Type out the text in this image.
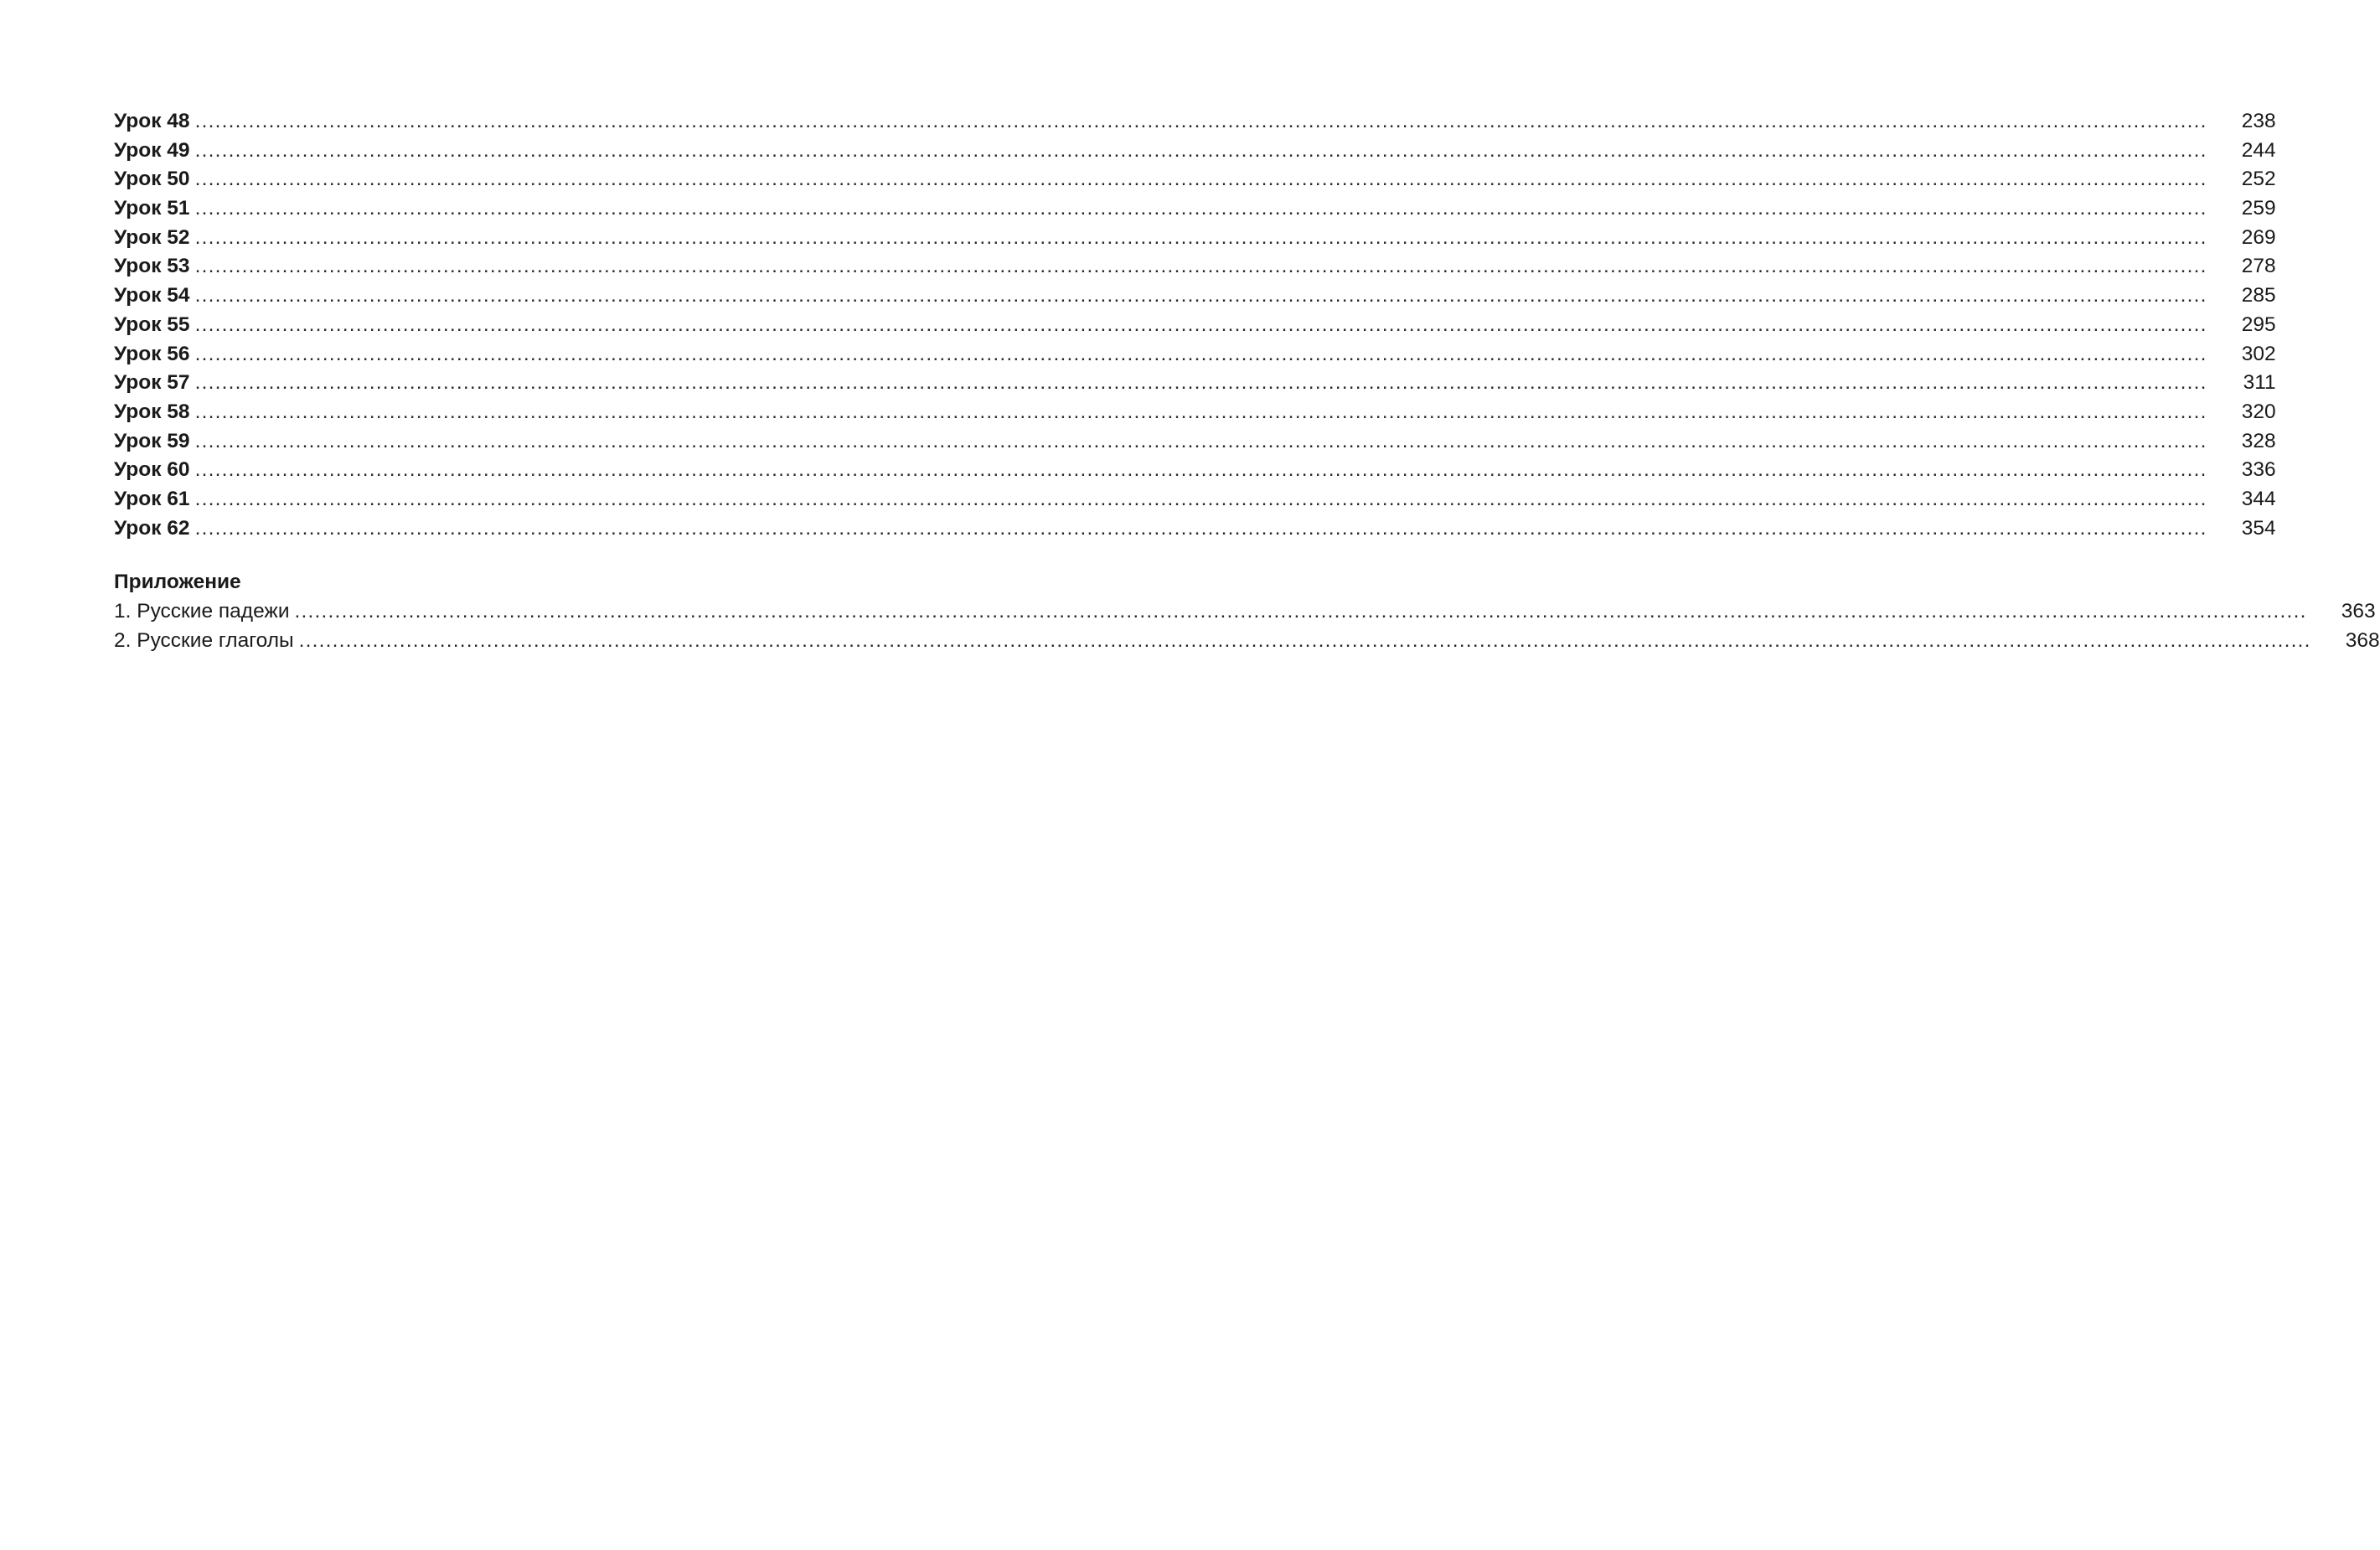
Урок 48 ............................................................................................................................................................................................................................................................................................................	238
Урок 49 ............................................................................................................................................................................................................................................................................................................	244
Урок 50 ............................................................................................................................................................................................................................................................................................................	252
Урок 51 ............................................................................................................................................................................................................................................................................................................	259
Урок 52 ............................................................................................................................................................................................................................................................................................................	269
Урок 53 ............................................................................................................................................................................................................................................................................................................	278
Урок 54 ............................................................................................................................................................................................................................................................................................................	285
Урок 55 ............................................................................................................................................................................................................................................................................................................	295
Урок 56 ............................................................................................................................................................................................................................................................................................................	302
Урок 57 ............................................................................................................................................................................................................................................................................................................	311
Урок 58 ............................................................................................................................................................................................................................................................................................................	320
Урок 59 ............................................................................................................................................................................................................................................................................................................	328
Урок 60 ............................................................................................................................................................................................................................................................................................................	336
Урок 61 ............................................................................................................................................................................................................................................................................................................	344
Урок 62 ............................................................................................................................................................................................................................................................................................................	354
Приложение
1. Русские падежи ............................................................................................................................................................................................................................................................................................................	363
2. Русские глаголы ............................................................................................................................................................................................................................................................................................................	368
